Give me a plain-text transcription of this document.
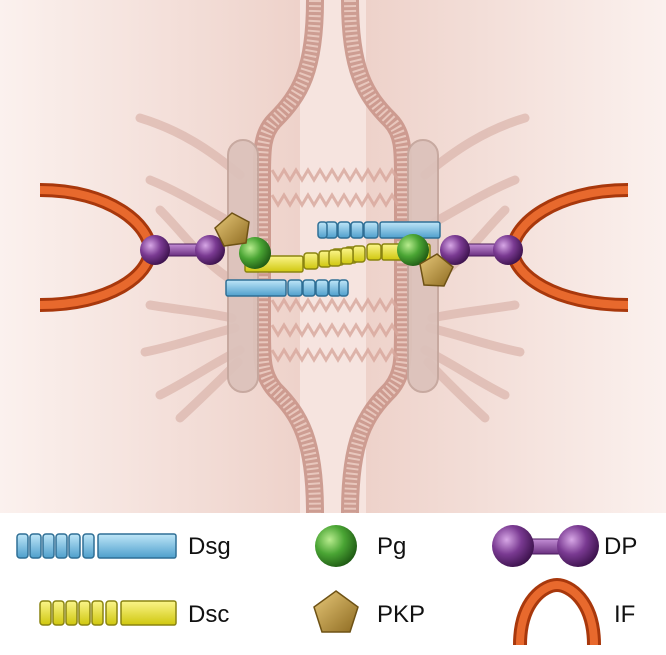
Dsg
Dsc
Pg
PKP
DP
IF
